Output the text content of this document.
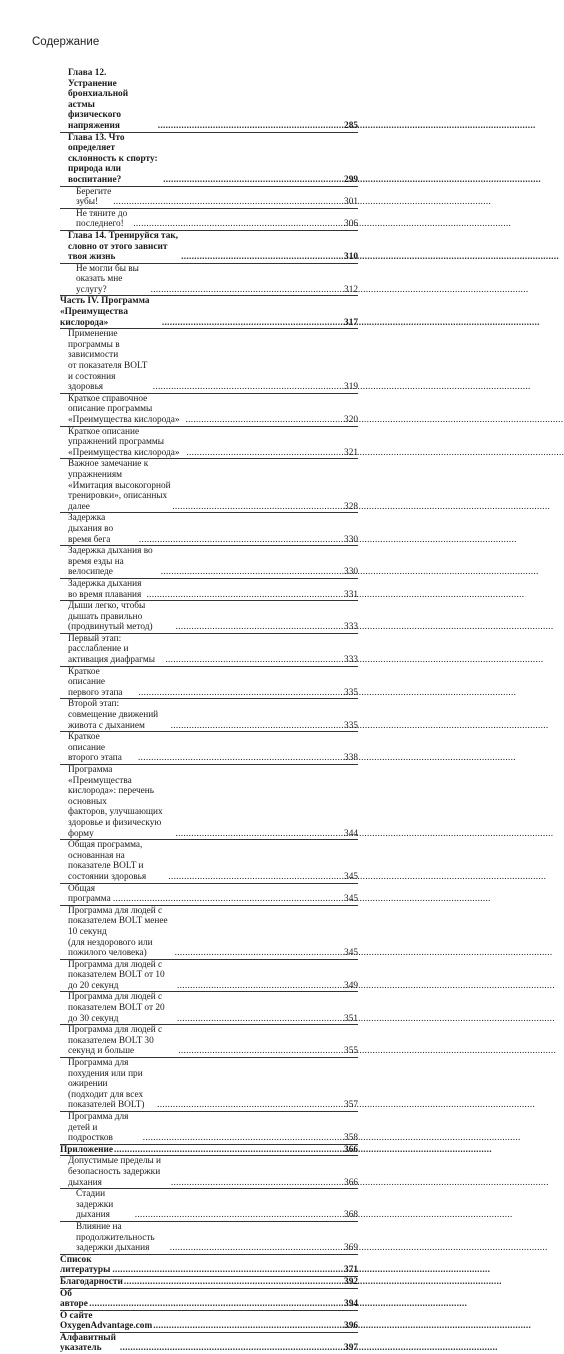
Содержание
Глава 12. Устранение бронхиальной астмы
физического напряжения .....	285
Глава 13. Что определяет склонность к спорту:
природа или воспитание? .....	299
Берегите зубы! .....	301
Не тяните до последнего! .....	306
Глава 14. Тренируйся так, словно от этого зависит твоя жизнь .....	310
Не могли бы вы оказать мне услугу? .....	312
Часть IV. Программа «Преимущества кислорода» .....	317
Применение программы в зависимости
от показателя BOLT и состояния здоровья .....	319
Краткое справочное описание программы «Преимущества кислорода» .....	320
Краткое описание упражнений программы «Преимущества кислорода» .....	321
Важное замечание к упражнениям
«Имитация высокогорной тренировки», описанных далее .....	328
Задержка дыхания во время бега .....	330
Задержка дыхания во время езды на велосипеде .....	330
Задержка дыхания во время плавания .....	331
Дыши легко, чтобы дышать правильно (продвинутый метод) .....	333
Первый этап: расслабление и активация диафрагмы .....	333
Краткое описание первого этапа .....	335
Второй этап: совмещение движений живота с дыханием .....	335
Краткое описание второго этапа .....	338
Программа «Преимущества кислорода»: перечень основных
факторов, улучшающих здоровье и физическую форму .....	344
Общая программа,
основанная на показателе BOLT и состоянии здоровья .....	345
Общая программа .....	345
Программа для людей с показателем BOLT менее 10 секунд
(для нездорового или пожилого человека) .....	345
Программа для людей с показателем BOLT от 10 до 20 секунд .....	349
Программа для людей с показателем BOLT от 20 до 30 секунд .....	351
Программа для людей с показателем BOLT 30 секунд и больше .....	355
Программа для похудения или при ожирении
(подходит для всех показателей BOLT) .....	357
Программа для детей и подростков .....	358
Приложение .....	366
Допустимые пределы и безопасность задержки дыхания .....	366
Стадии задержки дыхания .....	368
Влияние на продолжительность задержки дыхания .....	369
Список литературы .....	371
Благодарности .....	392
Об авторе .....	394
О сайте OxygenAdvantage.com .....	396
Алфавитный указатель .....	397
